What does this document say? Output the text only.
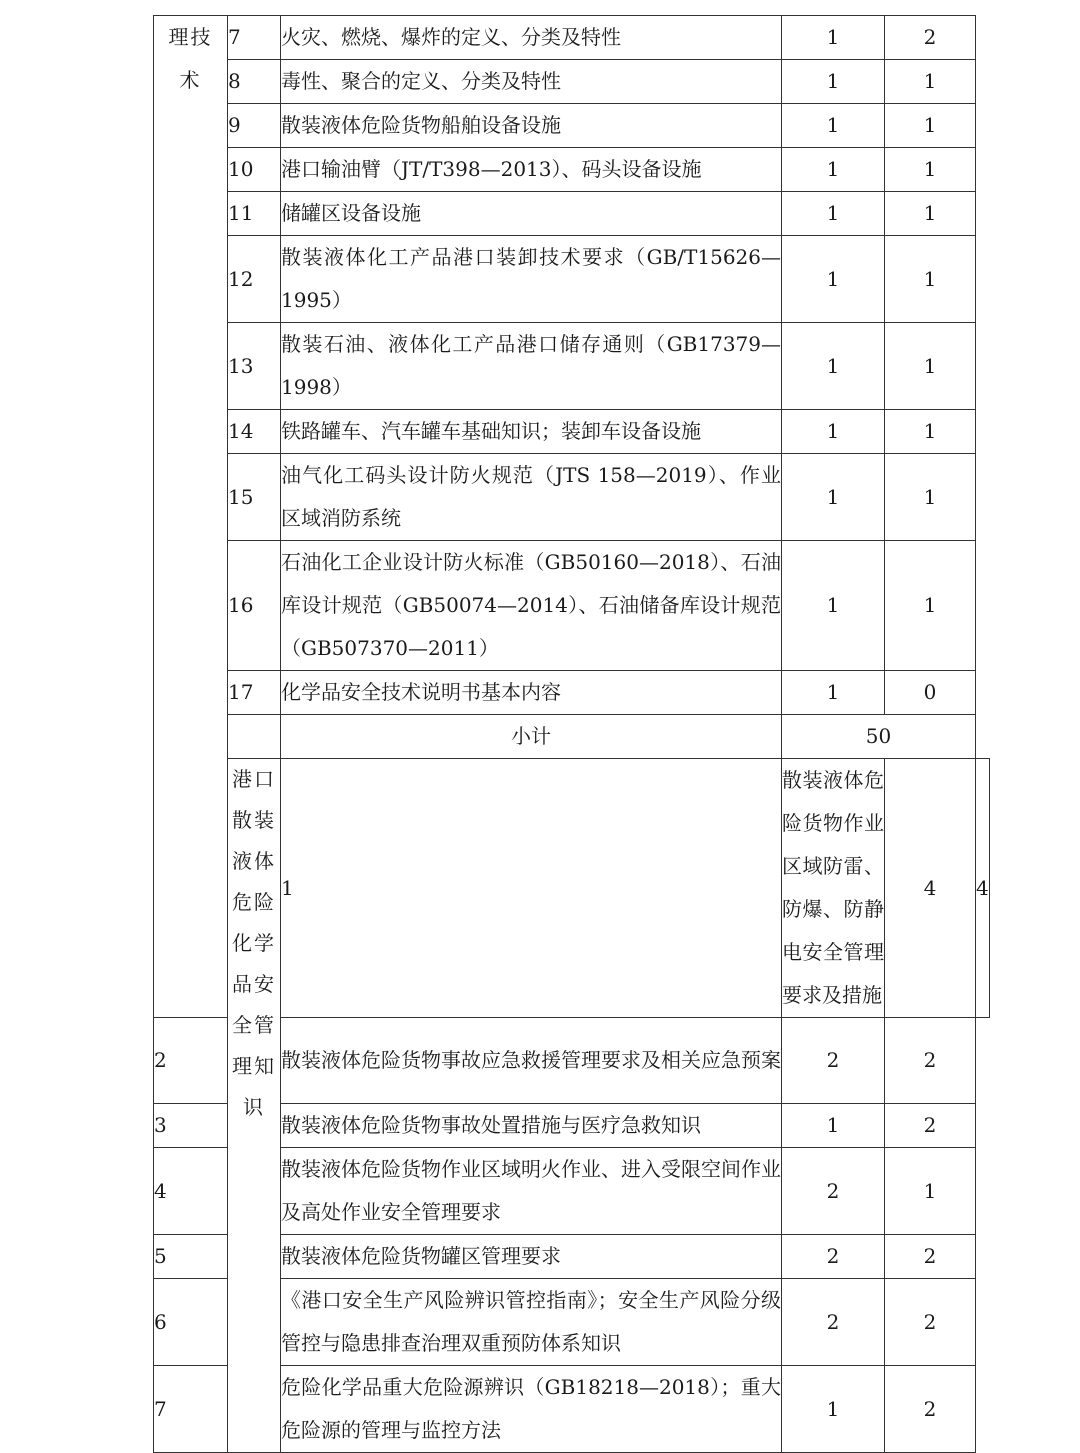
理技术	7	火灾、燃烧、爆炸的定义、分类及特性	1	2	
	8	毒性、聚合的定义、分类及特性	1	1	
	9	散装液体危险货物船舶设备设施	1	1	
	10	港口输油臂（JT/T398—2013）、码头设备设施	1	1	
	11	储罐区设备设施	1	1	
	12	散装液体化工产品港口装卸技术要求（GB/T15626—1995）	1	1	
	13	散装石油、液体化工产品港口储存通则（GB17379—1998）	1	1	
	14	铁路罐车、汽车罐车基础知识；装卸车设备设施	1	1	
	15	油气化工码头设计防火规范（JTS 158—2019）、作业区域消防系统	1	1	
	16	石油化工企业设计防火标准（GB50160—2018）、石油库设计规范（GB50074—2014）、石油储备库设计规范（GB507370—2011）	1	1	
	17	化学品安全技术说明书基本内容	1	0	
		小计	50		
	港口散装液体危险化学品安全管理知识	1	散装液体危险货物作业区域防雷、防爆、防静电安全管理要求及措施	4	4
2		散装液体危险货物事故应急救援管理要求及相关应急预案	2	2	
3		散装液体危险货物事故处置措施与医疗急救知识	1	2	
4		散装液体危险货物作业区域明火作业、进入受限空间作业及高处作业安全管理要求	2	1	
5		散装液体危险货物罐区管理要求	2	2	
6		《港口安全生产风险辨识管控指南》；安全生产风险分级管控与隐患排查治理双重预防体系知识	2	2	
7		危险化学品重大危险源辨识（GB18218—2018）；重大危险源的管理与监控方法	1	2	
